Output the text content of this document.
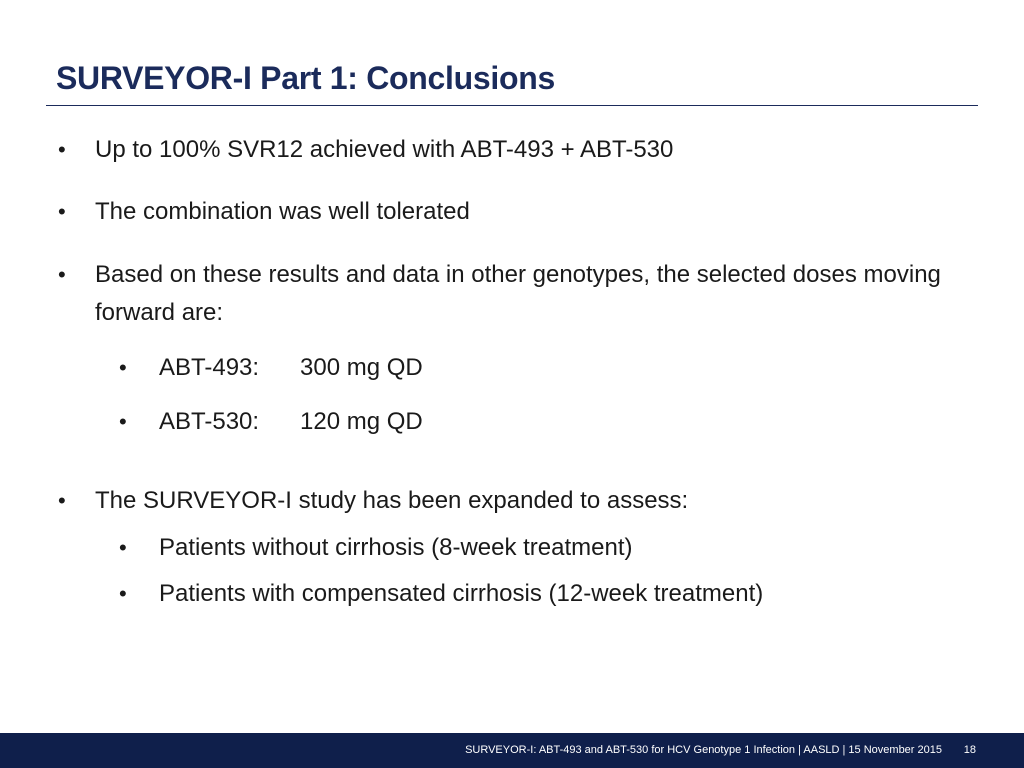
SURVEYOR-I Part 1: Conclusions
• Up to 100% SVR12 achieved with ABT-493 + ABT-530
• The combination was well tolerated
• Based on these results and data in other genotypes, the selected doses moving forward are:
• ABT-493: 300 mg QD
• ABT-530: 120 mg QD
• The SURVEYOR-I study has been expanded to assess:
• Patients without cirrhosis (8-week treatment)
• Patients with compensated cirrhosis (12-week treatment)
SURVEYOR-I: ABT-493 and ABT-530 for HCV Genotype 1 Infection | AASLD | 15 November 2015 18
